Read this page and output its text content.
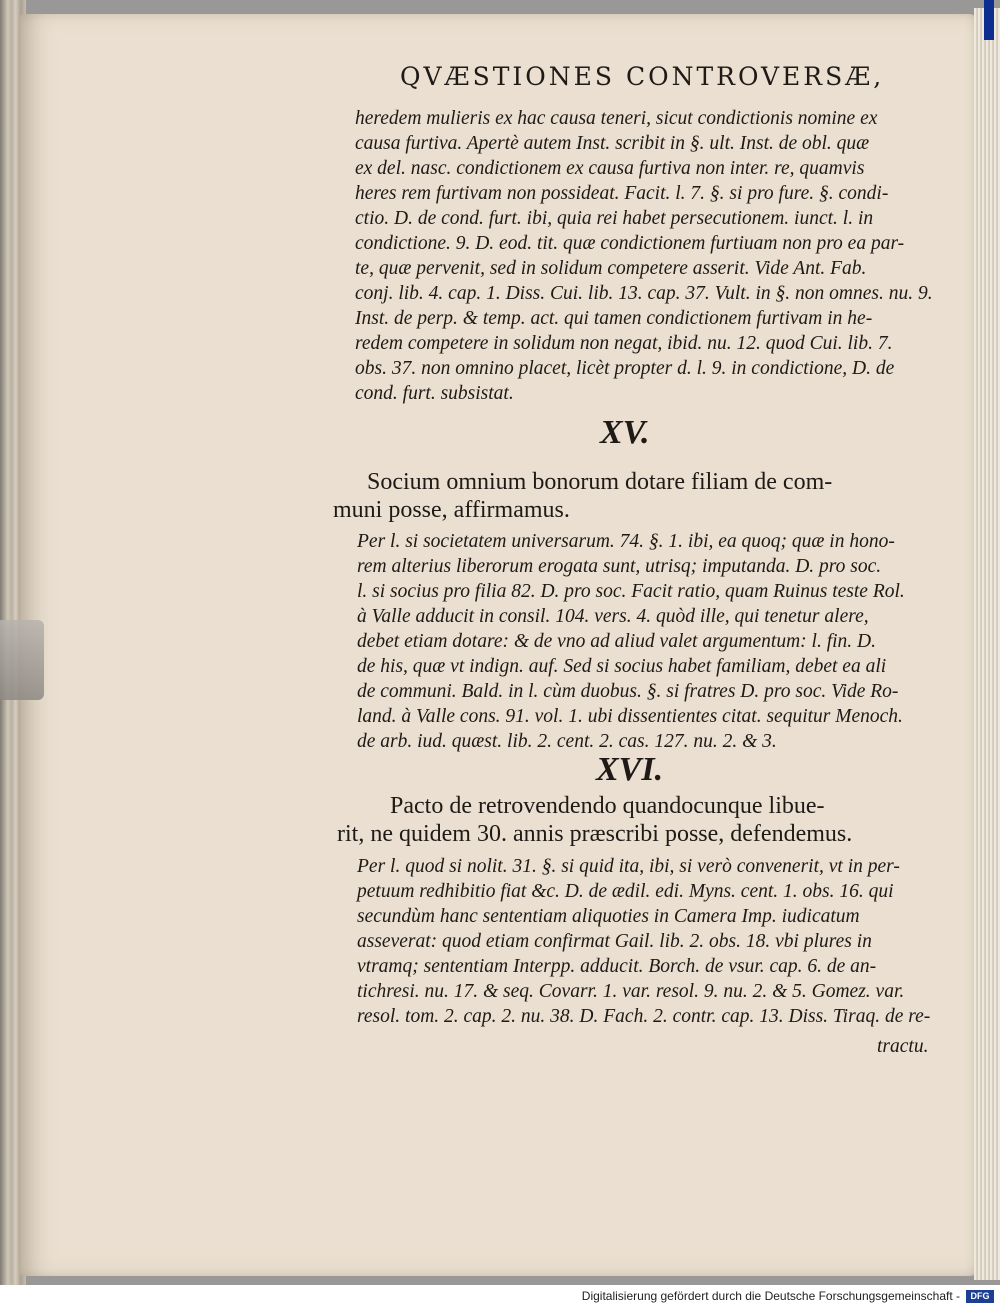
QVÆSTIONES CONTROVERSÆ,
heredem mulieris ex hac causa teneri, sicut condictionis nomine ex
causa furtiva. Apertè autem Inst. scribit in §. ult. Inst. de obl. quæ
ex del. nasc. condictionem ex causa furtiva non inter. re, quamvis
heres rem furtivam non possideat. Facit. l. 7. §. si pro fure. §. condi-
ctio. D. de cond. furt. ibi, quia rei habet persecutionem. iunct. l. in
condictione. 9. D. eod. tit. quæ condictionem furtiuam non pro ea par-
te, quæ pervenit, sed in solidum competere asserit. Vide Ant. Fab.
conj. lib. 4. cap. 1. Diss. Cui. lib. 13. cap. 37. Vult. in §. non omnes. nu. 9.
Inst. de perp. & temp. act. qui tamen condictionem furtivam in he-
redem competere in solidum non negat, ibid. nu. 12. quod Cui. lib. 7.
obs. 37. non omnino placet, licèt propter d. l. 9. in condictione, D. de
cond. furt. subsistat.
XV.
Socium omnium bonorum dotare filiam de com-
muni posse, affirmamus.
Per l. si societatem universarum. 74. §. 1. ibi, ea quoq; quæ in hono-
rem alterius liberorum erogata sunt, utrisq; imputanda. D. pro soc.
l. si socius pro filia 82. D. pro soc. Facit ratio, quam Ruinus teste Rol.
à Valle adducit in consil. 104. vers. 4. quòd ille, qui tenetur alere,
debet etiam dotare: & de vno ad aliud valet argumentum: l. fin. D.
de his, quæ vt indign. auf. Sed si socius habet familiam, debet ea ali
de communi. Bald. in l. cùm duobus. §. si fratres D. pro soc. Vide Ro-
land. à Valle cons. 91. vol. 1. ubi dissentientes citat. sequitur Menoch.
de arb. iud. quæst. lib. 2. cent. 2. cas. 127. nu. 2. & 3.
XVI.
Pacto de retrovendendo quandocunque libue-
rit, ne quidem 30. annis præscribi posse, defendemus.
Per l. quod si nolit. 31. §. si quid ita, ibi, si verò convenerit, vt in per-
petuum redhibitio fiat &c. D. de ædil. edi. Myns. cent. 1. obs. 16. qui
secundùm hanc sententiam aliquoties in Camera Imp. iudicatum
asseverat: quod etiam confirmat Gail. lib. 2. obs. 18. vbi plures in
vtramq; sententiam Interpp. adducit. Borch. de vsur. cap. 6. de an-
tichresi. nu. 17. & seq. Covarr. 1. var. resol. 9. nu. 2. & 5. Gomez. var.
resol. tom. 2. cap. 2. nu. 38. D. Fach. 2. contr. cap. 13. Diss. Tiraq. de re-
tractu.
Digitalisierung gefördert durch die Deutsche Forschungsgemeinschaft -	DFG
